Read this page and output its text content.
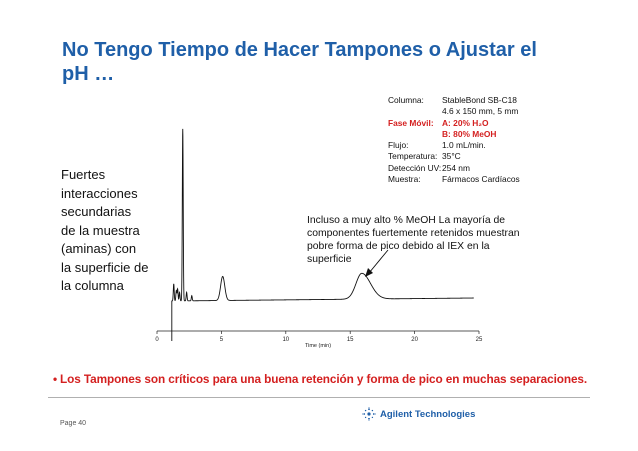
No Tengo Tiempo de Hacer Tampones o Ajustar el
pH …
Columna:	StableBond SB-C18
4.6 x 150 mm, 5 mm
Fase Móvil: A: 20% H₂O
B: 80% MeOH
Flujo:	1.0 mL/min.
Temperatura: 35°C
Detección UV: 254 nm
Muestra:	Fármacos Cardíacos
0	5	10	15	20	25
Time (min)
Fuertes
interacciones
secundarias
de la muestra
(aminas) con
la superficie de
la columna
Incluso a muy alto % MeOH La mayoría de
componentes fuertemente retenidos muestran
pobre forma de pico debido al IEX en la
superficie
• Los Tampones son críticos para una buena retención y forma de pico en muchas separaciones.
Page 40
Agilent Technologies
